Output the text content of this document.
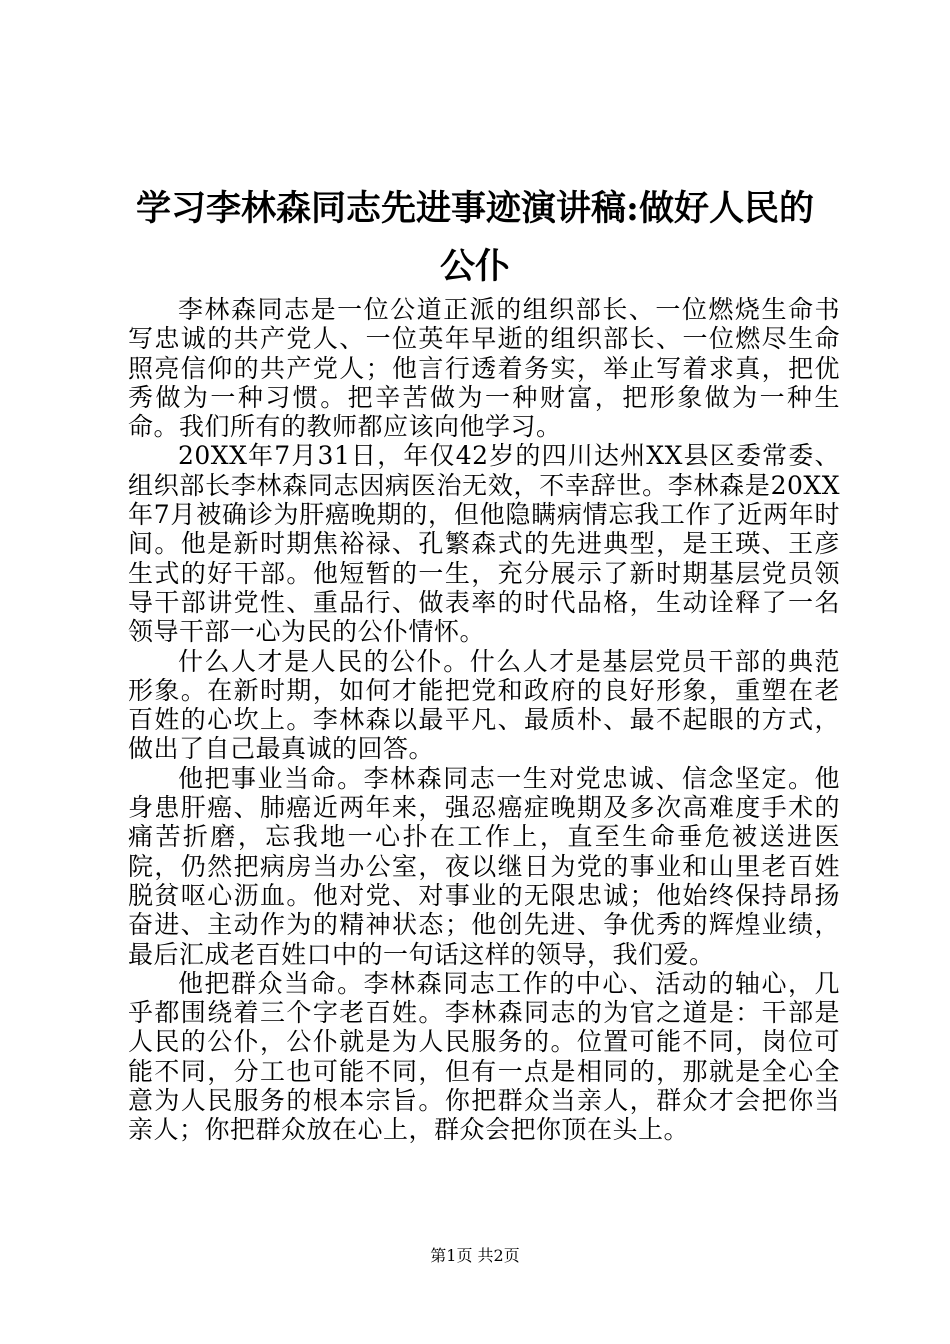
学习李林森同志先进事迹演讲稿:做好人民的
公仆

李林森同志是一位公道正派的组织部长、一位燃烧生命书写忠诚的共产党人、一位英年早逝的组织部长、一位燃尽生命照亮信仰的共产党人；他言行透着务实，举止写着求真，把优秀做为一种习惯。把辛苦做为一种财富，把形象做为一种生命。我们所有的教师都应该向他学习。

20XX年7月31日，年仅42岁的四川达州XX县区委常委、组织部长李林森同志因病医治无效，不幸辞世。李林森是20XX年7月被确诊为肝癌晚期的，但他隐瞒病情忘我工作了近两年时间。他是新时期焦裕禄、孔繁森式的先进典型，是王瑛、王彦生式的好干部。他短暂的一生，充分展示了新时期基层党员领导干部讲党性、重品行、做表率的时代品格，生动诠释了一名领导干部一心为民的公仆情怀。

什么人才是人民的公仆。什么人才是基层党员干部的典范形象。在新时期，如何才能把党和政府的良好形象，重塑在老百姓的心坎上。李林森以最平凡、最质朴、最不起眼的方式，做出了自己最真诚的回答。

他把事业当命。李林森同志一生对党忠诚、信念坚定。他身患肝癌、肺癌近两年来，强忍癌症晚期及多次高难度手术的痛苦折磨，忘我地一心扑在工作上，直至生命垂危被送进医院，仍然把病房当办公室，夜以继日为党的事业和山里老百姓脱贫呕心沥血。他对党、对事业的无限忠诚；他始终保持昂扬奋进、主动作为的精神状态；他创先进、争优秀的辉煌业绩，最后汇成老百姓口中的一句话这样的领导，我们爱。

他把群众当命。李林森同志工作的中心、活动的轴心，几乎都围绕着三个字老百姓。李林森同志的为官之道是：干部是人民的公仆，公仆就是为人民服务的。位置可能不同，岗位可能不同，分工也可能不同，但有一点是相同的，那就是全心全意为人民服务的根本宗旨。你把群众当亲人，群众才会把你当亲人；你把群众放在心上，群众会把你顶在头上。

第1页 共2页
